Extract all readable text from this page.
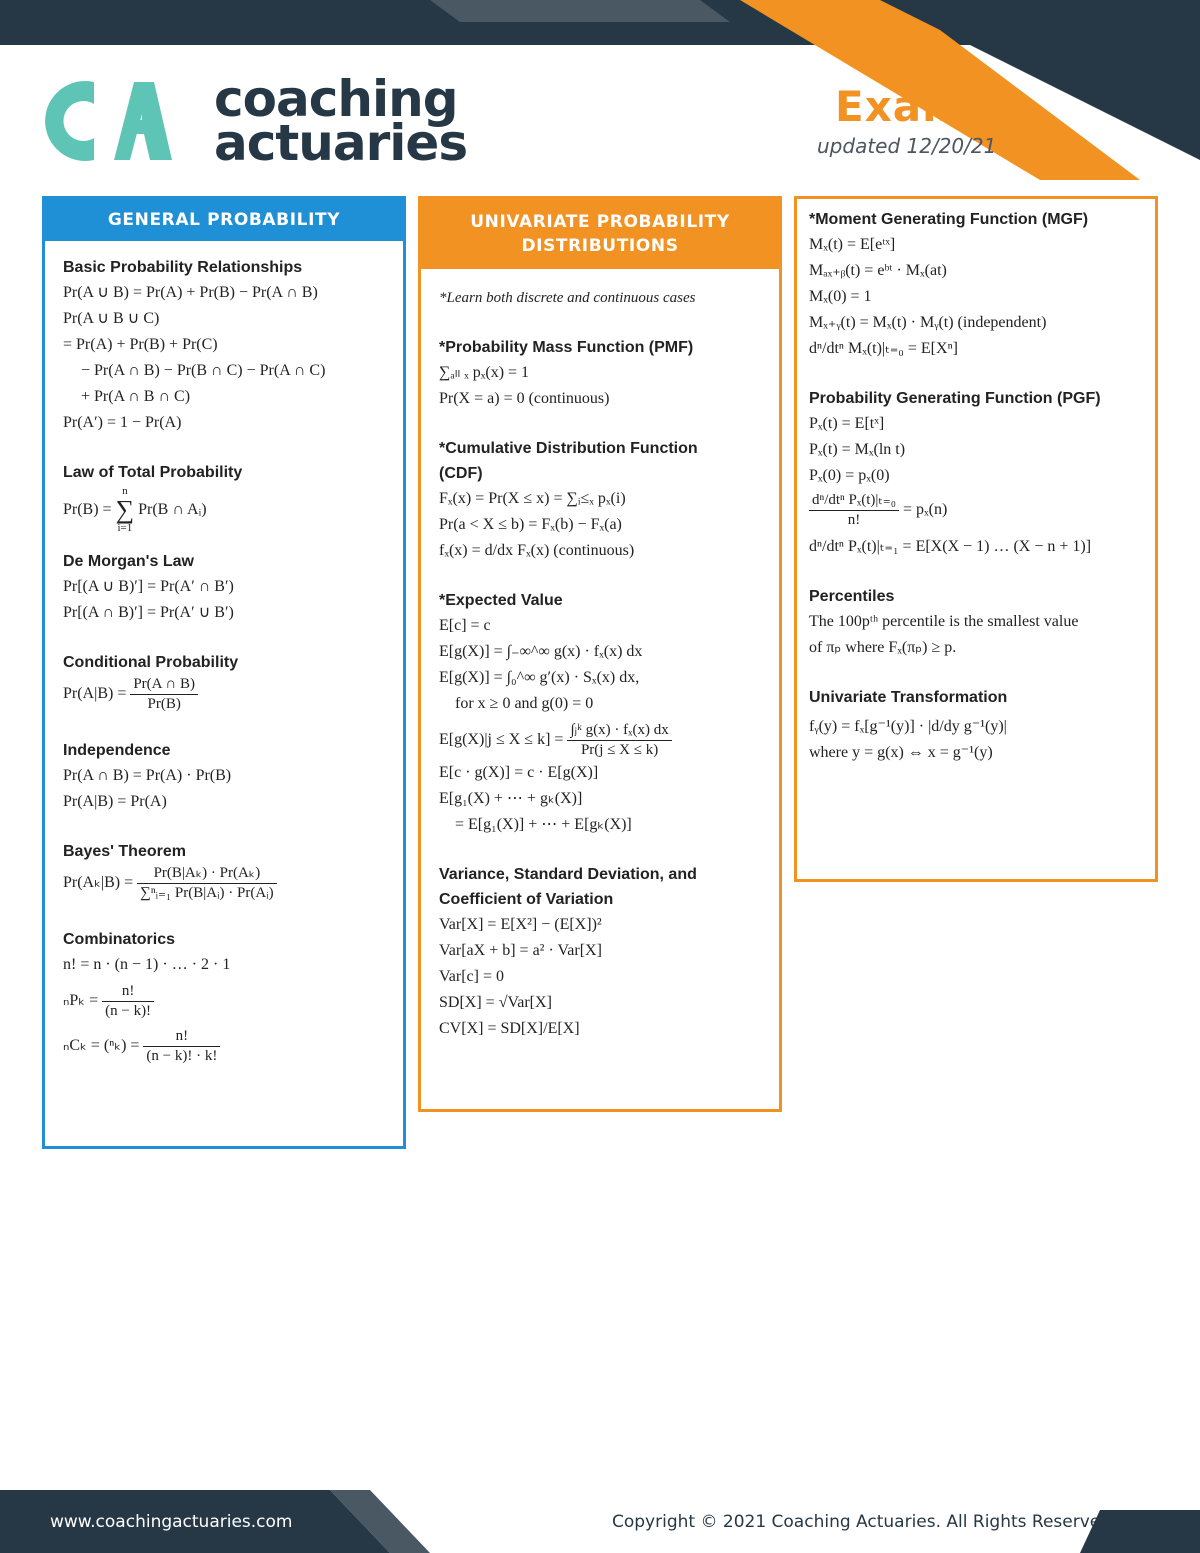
coaching
actuaries
Exam P
updated 12/20/21
GENERAL PROBABILITY
Basic Probability Relationships
Pr(A ∪ B) = Pr(A) + Pr(B) − Pr(A ∩ B)
Pr(A ∪ B ∪ C)
= Pr(A) + Pr(B) + Pr(C)
− Pr(A ∩ B) − Pr(B ∩ C) − Pr(A ∩ C)
+ Pr(A ∩ B ∩ C)
Pr(A′) = 1 − Pr(A)
Law of Total Probability
Pr(B) = n
∑
i=1 Pr(B ∩ Aᵢ)
De Morgan's Law
Pr[(A ∪ B)′] = Pr(A′ ∩ B′)
Pr[(A ∩ B)′] = Pr(A′ ∪ B′)
Conditional Probability
$Pr(A|B) = \frac{Pr(A \cap B)}{Pr(B)}$
Independence
Pr(A ∩ B) = Pr(A) · Pr(B)
Pr(A|B) = Pr(A)
Bayes' Theorem
$Pr(A_k|B) = \frac{\text{Pr(B|Aₖ) · Pr(Aₖ)}}{\text{∑ⁿᵢ₌₁ Pr(B|Aᵢ) · Pr(Aᵢ)}}$
Combinatorics
n! = n · (n − 1) · … · 2 · 1
$_nP_k = \frac{n!}{(n - k)!}$
$_nC_k = (^n_k) = \frac{n!}{(n - k)! \cdot k!}$
UNIVARIATE PROBABILITY
DISTRIBUTIONS
*Learn both discrete and continuous cases
*Probability Mass Function (PMF)
∑ₐₗₗ ₓ pₓ(x) = 1
Pr(X = a) = 0 (continuous)
*Cumulative Distribution Function
(CDF)
Fₓ(x) = Pr(X ≤ x) = ∑ᵢ≤ₓ pₓ(i)
Pr(a < X ≤ b) = Fₓ(b) − Fₓ(a)
fₓ(x) = d/dx Fₓ(x) (continuous)
*Expected Value
E[c] = c
E[g(X)] = ∫₋∞^∞ g(x) · fₓ(x) dx
E[g(X)] = ∫₀^∞ g′(x) · Sₓ(x) dx,
for x ≥ 0 and g(0) = 0
$E[g(X)|j \le X \le k] = \frac{\text{∫ⱼᵏ g(x) · fₓ(x) dx}}{Pr(j \le X \le k)}$
E[c · g(X)] = c · E[g(X)]
E[g₁(X) + ⋯ + gₖ(X)]
= E[g₁(X)] + ⋯ + E[gₖ(X)]
Variance, Standard Deviation, and
Coefficient of Variation
Var[X] = E[X²] − (E[X])²
Var[aX + b] = a² · Var[X]
Var[c] = 0
SD[X] = √Var[X]
CV[X] = SD[X]/E[X]
*Moment Generating Function (MGF)
Mₓ(t) = E[eᵗˣ]
Mₐₓ₊ᵦ(t) = eᵇᵗ · Mₓ(at)
Mₓ(0) = 1
Mₓ₊ᵧ(t) = Mₓ(t) · Mᵧ(t) (independent)
dⁿ/dtⁿ Mₓ(t)|ₜ₌₀ = E[Xⁿ]
Probability Generating Function (PGF)
Pₓ(t) = E[tˣ]
Pₓ(t) = Mₓ(ln t)
Pₓ(0) = pₓ(0)
$\frac{\text{dⁿ/dtⁿ Pₓ(t)|ₜ₌₀}}{n!} = p_x(n)$
dⁿ/dtⁿ Pₓ(t)|ₜ₌₁ = E[X(X − 1) … (X − n + 1)]
Percentiles
The 100pᵗʰ percentile is the smallest value
of πₚ where Fₓ(πₚ) ≥ p.
Univariate Transformation
fᵧ(y) = fₓ[g⁻¹(y)] · |d/dy g⁻¹(y)|
where y = g(x) ⇔ x = g⁻¹(y)
www.coachingactuaries.com	Copyright © 2021 Coaching Actuaries. All Rights Reserved. 1
